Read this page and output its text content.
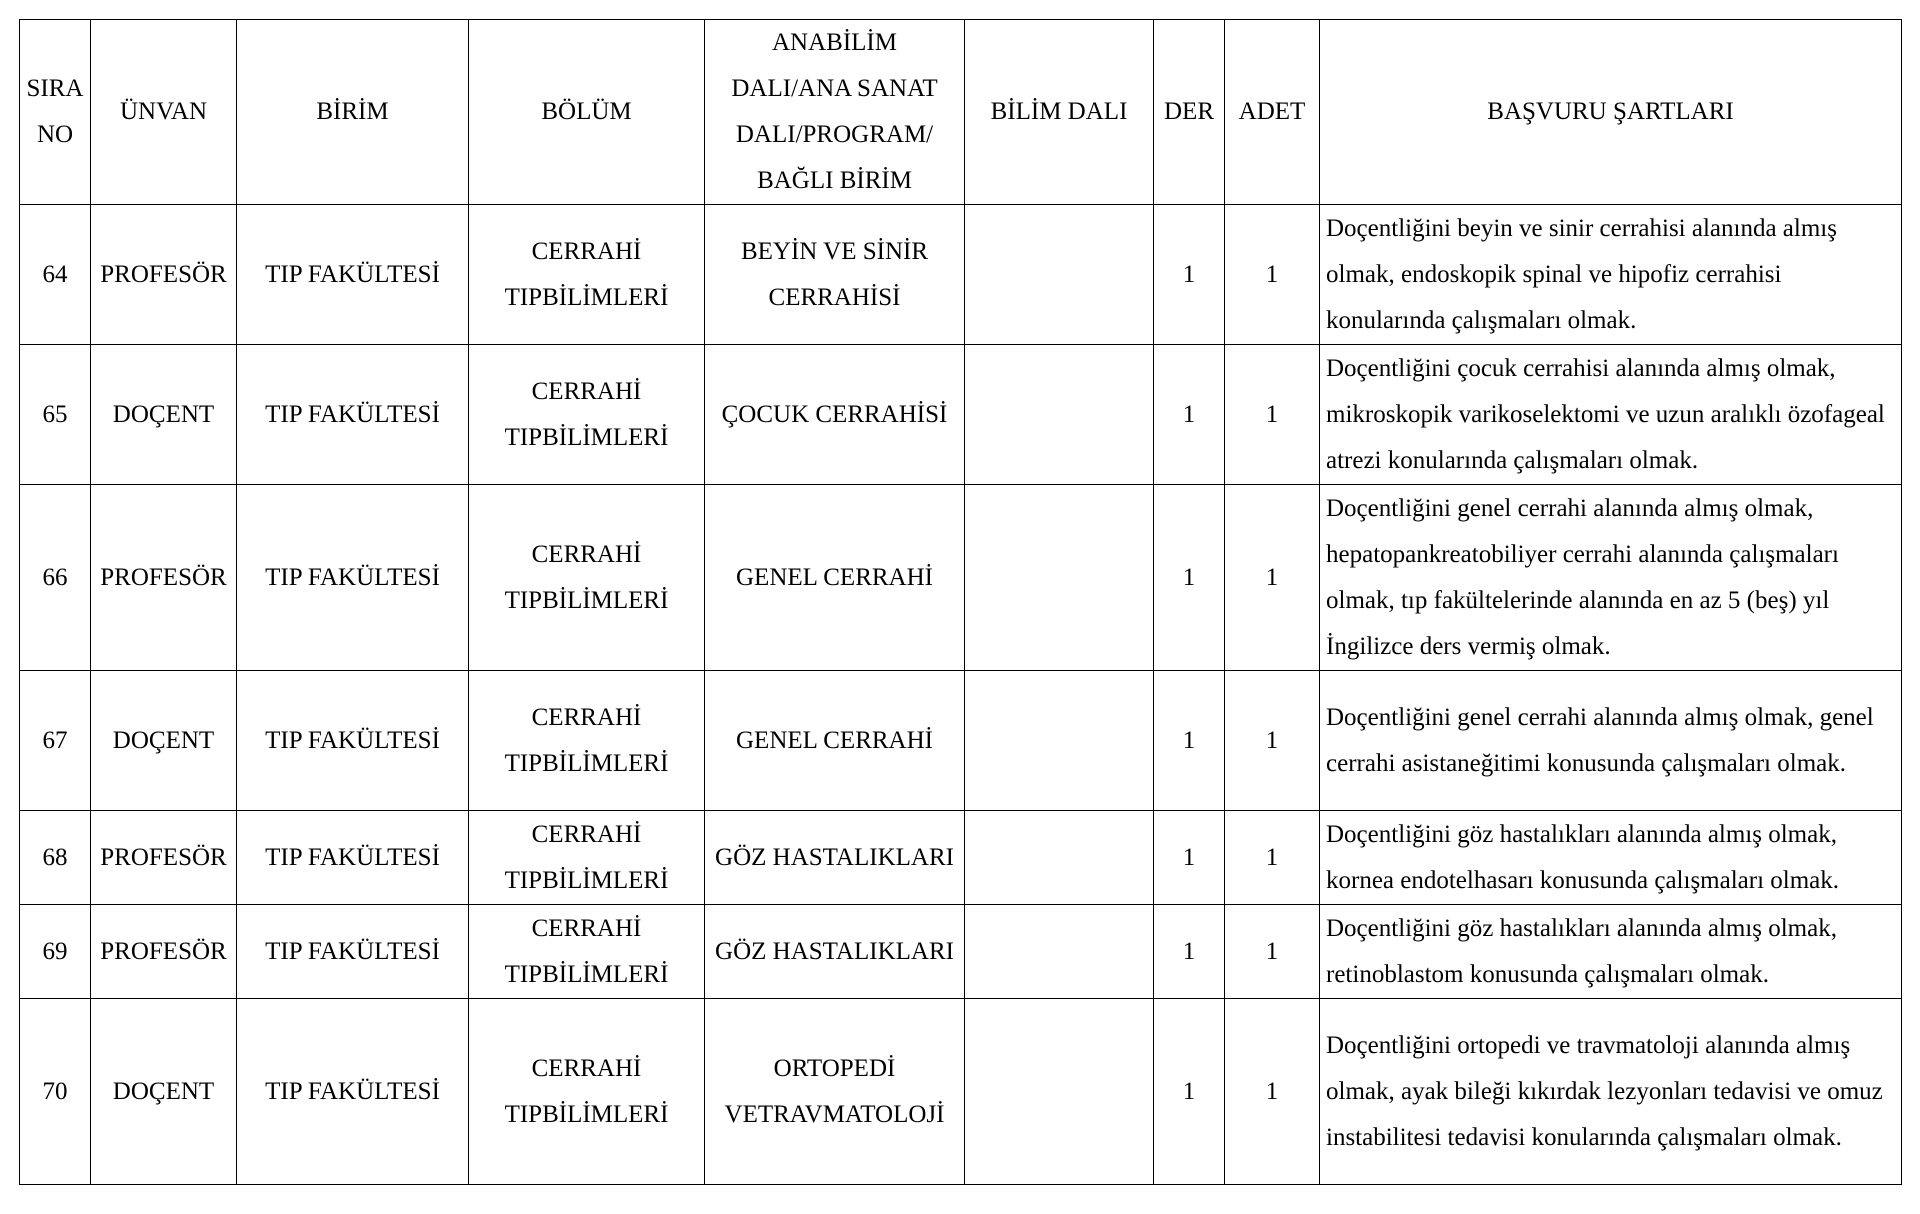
SIRA NO	ÜNVAN	BİRİM	BÖLÜM	ANABİLİM DALI/ANA SANAT DALI/PROGRAM/ BAĞLI BİRİM	BİLİM DALI	DER	ADET	BAŞVURU ŞARTLARI
64	PROFESÖR	TIP FAKÜLTESİ	CERRAHİ TIPBİLİMLERİ	BEYİN VE SİNİR CERRAHİSİ		1	1	Doçentliğini beyin ve sinir cerrahisi alanında almış olmak, endoskopik spinal ve hipofiz cerrahisi konularında çalışmaları olmak.
65	DOÇENT	TIP FAKÜLTESİ	CERRAHİ TIPBİLİMLERİ	ÇOCUK CERRAHİSİ		1	1	Doçentliğini çocuk cerrahisi alanında almış olmak, mikroskopik varikoselektomi ve uzun aralıklı özofageal atrezi konularında çalışmaları olmak.
66	PROFESÖR	TIP FAKÜLTESİ	CERRAHİ TIPBİLİMLERİ	GENEL CERRAHİ		1	1	Doçentliğini genel cerrahi alanında almış olmak, hepatopankreatobiliyer cerrahi alanında çalışmaları olmak, tıp fakültelerinde alanında en az 5 (beş) yıl İngilizce ders vermiş olmak.
67	DOÇENT	TIP FAKÜLTESİ	CERRAHİ TIPBİLİMLERİ	GENEL CERRAHİ		1	1	Doçentliğini genel cerrahi alanında almış olmak, genel cerrahi asistaneğitimi konusunda çalışmaları olmak.
68	PROFESÖR	TIP FAKÜLTESİ	CERRAHİ TIPBİLİMLERİ	GÖZ HASTALIKLARI		1	1	Doçentliğini göz hastalıkları alanında almış olmak, kornea endotelhasarı konusunda çalışmaları olmak.
69	PROFESÖR	TIP FAKÜLTESİ	CERRAHİ TIPBİLİMLERİ	GÖZ HASTALIKLARI		1	1	Doçentliğini göz hastalıkları alanında almış olmak, retinoblastom konusunda çalışmaları olmak.
70	DOÇENT	TIP FAKÜLTESİ	CERRAHİ TIPBİLİMLERİ	ORTOPEDİ VETRAVMATOLOJİ		1	1	Doçentliğini ortopedi ve travmatoloji alanında almış olmak, ayak bileği kıkırdak lezyonları tedavisi ve omuz instabilitesi tedavisi konularında çalışmaları olmak.
